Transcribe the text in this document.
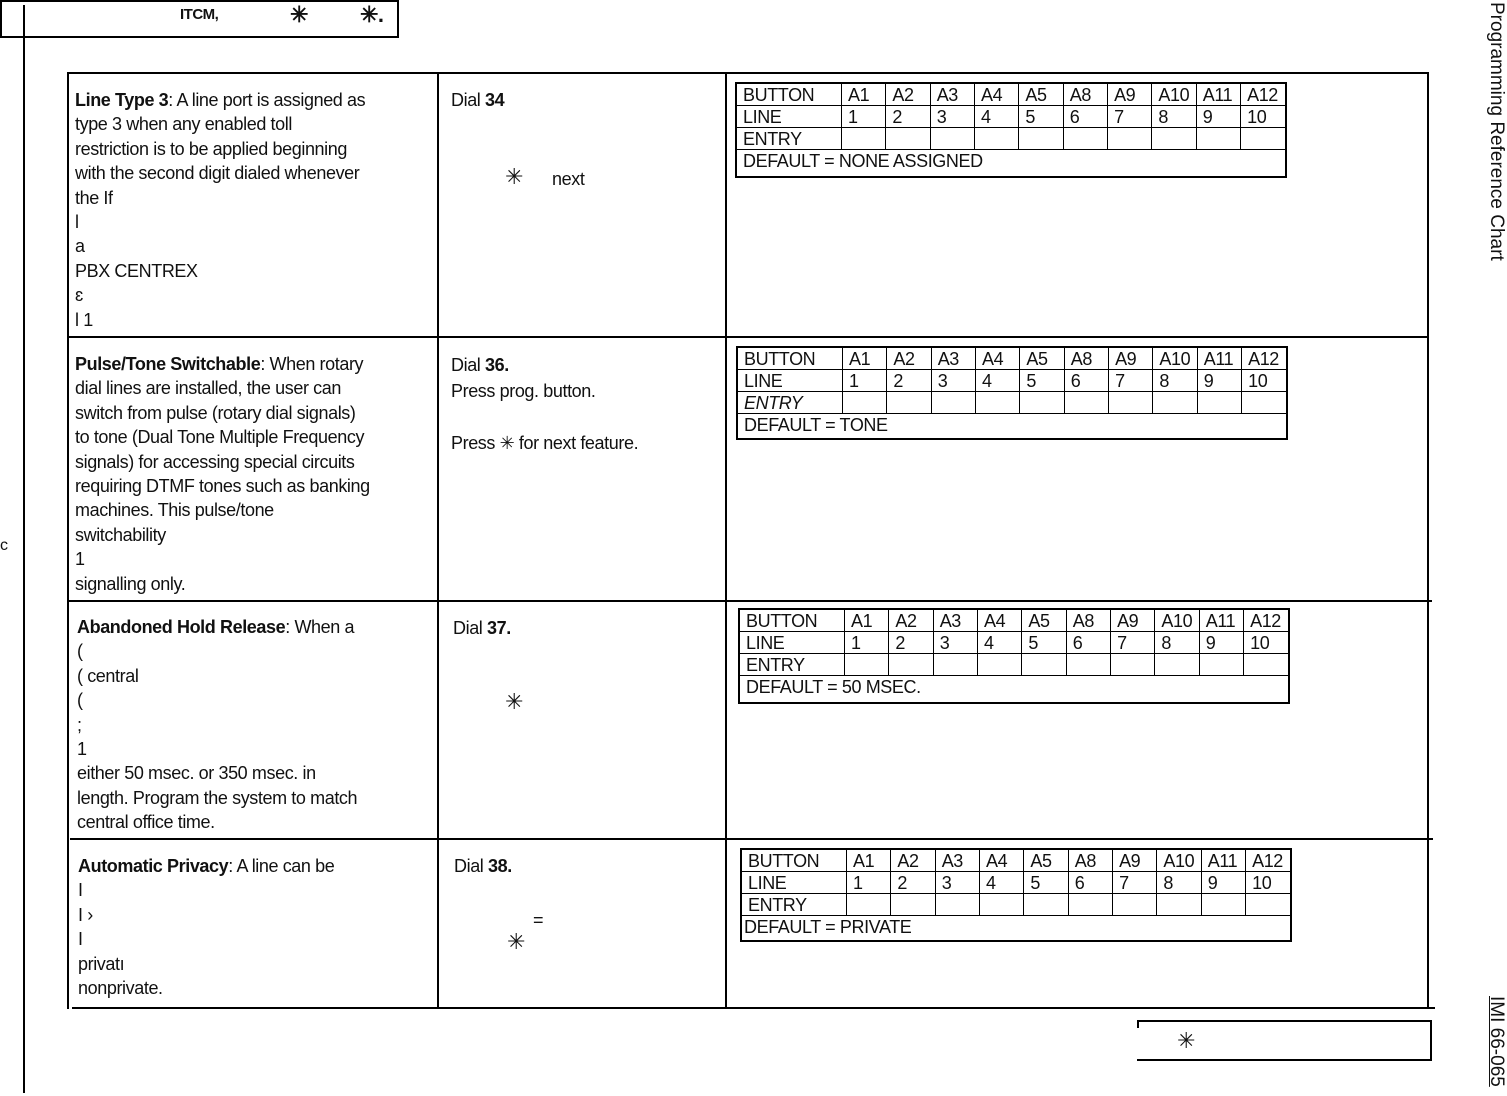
c
ITCM,	✳ ✳.	Programming Reference Chart
IMI 66-065
Line Type 3: A line port is assigned as
type 3 when any enabled toll
restriction is to be applied beginning
with the second digit dialed whenever
the If
l
a
PBX CENTREX
ɛ
l 1
Dial 34
✳ next
BUTTON	A1	A2	A3	A4	A5	A8	A9	A10	A11	A12
LINE	1	2	3	4	5	6	7	8	9	10
ENTRY										
DEFAULT = NONE ASSIGNED										
Pulse/Tone Switchable: When rotary
dial lines are installed, the user can
switch from pulse (rotary dial signals)
to tone (Dual Tone Multiple Frequency
signals) for accessing special circuits
requiring DTMF tones such as banking
machines. This pulse/tone
switchability
1
signalling only.
Dial 36.
Press prog. button.
Press ✳ for next feature.
BUTTON	A1	A2	A3	A4	A5	A8	A9	A10	A11	A12
LINE	1	2	3	4	5	6	7	8	9	10
ENTRY										
DEFAULT = TONE										
Abandoned Hold Release: When a
(
( central
(
;
1
either 50 msec. or 350 msec. in
length. Program the system to match
central office time.
Dial 37.
✳
BUTTON	A1	A2	A3	A4	A5	A8	A9	A10	A11	A12
LINE	1	2	3	4	5	6	7	8	9	10
ENTRY										
DEFAULT = 50 MSEC.										
Automatic Privacy: A line can be
I
I ›
I
privatı
nonprivate.
Dial 38.
=
✳
BUTTON	A1	A2	A3	A4	A5	A8	A9	A10	A11	A12
LINE	1	2	3	4	5	6	7	8	9	10
ENTRY										
DEFAULT = PRIVATE										
✳
